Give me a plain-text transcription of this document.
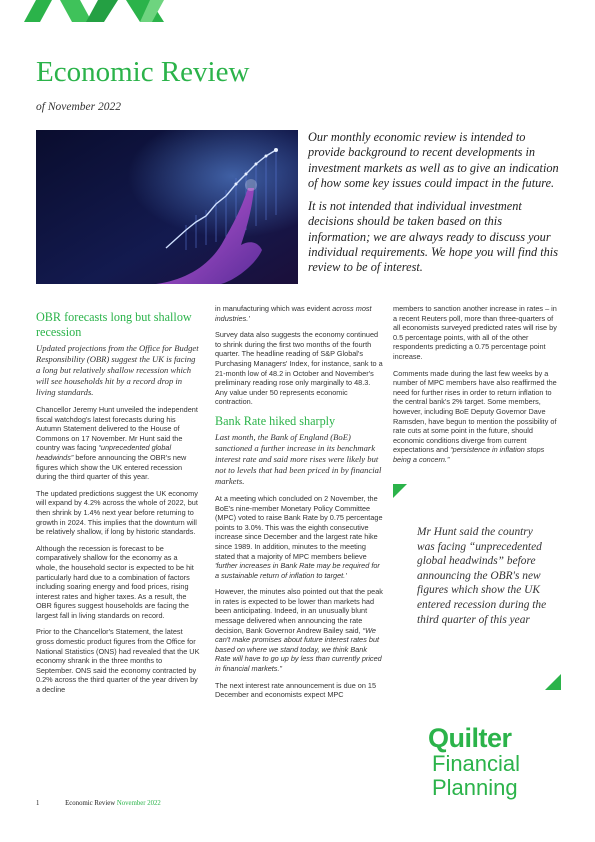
Economic Review
of November 2022

Our monthly economic review is intended to provide background to recent developments in investment markets as well as to give an indication of how some key issues could impact in the future.

It is not intended that individual investment decisions should be taken based on this information; we are always ready to discuss your individual requirements. We hope you will find this review to be of interest.

OBR forecasts long but shallow recession

Updated projections from the Office for Budget Responsibility (OBR) suggest the UK is facing a long but relatively shallow recession which will see households hit by a record drop in living standards.

Chancellor Jeremy Hunt unveiled the independent fiscal watchdog's latest forecasts during his Autumn Statement delivered to the House of Commons on 17 November. Mr Hunt said the country was facing “unprecedented global headwinds” before announcing the OBR's new figures which show the UK entered recession during the third quarter of this year.

The updated predictions suggest the UK economy will expand by 4.2% across the whole of 2022, but then shrink by 1.4% next year before returning to growth in 2024. This implies that the downturn will be relatively shallow, if long by historic standards.

Although the recession is forecast to be comparatively shallow for the economy as a whole, the household sector is expected to be hit particularly hard due to a combination of factors including soaring energy and food prices, rising interest rates and higher taxes. As a result, the OBR figures suggest households are facing the largest fall in living standards on record.

Prior to the Chancellor's Statement, the latest gross domestic product figures from the Office for National Statistics (ONS) had revealed that the UK economy shrank in the three months to September. ONS said the economy contracted by 0.2% across the third quarter of the year driven by a decline

in manufacturing which was evident across most industries.'

Survey data also suggests the economy continued to shrink during the first two months of the fourth quarter. The headline reading of S&P Global's Purchasing Managers' Index, for instance, sank to a 21-month low of 48.2 in October and November's preliminary reading rose only marginally to 48.3. Any value under 50 represents economic contraction.

Bank Rate hiked sharply

Last month, the Bank of England (BoE) sanctioned a further increase in its benchmark interest rate and said more rises were likely but not to levels that had been priced in by financial markets.

At a meeting which concluded on 2 November, the BoE's nine-member Monetary Policy Committee (MPC) voted to raise Bank Rate by 0.75 percentage points to 3.0%. This was the eighth consecutive increase since December and the largest rate hike since 1989. In addition, minutes to the meeting stated that a majority of MPC members believe 'further increases in Bank Rate may be required for a sustainable return of inflation to target.'

However, the minutes also pointed out that the peak in rates is expected to be lower than markets had been anticipating. Indeed, in an unusually blunt message delivered when announcing the rate decision, Bank Governor Andrew Bailey said, “We can't make promises about future interest rates but based on where we stand today, we think Bank Rate will have to go up by less than currently priced in financial markets.”

The next interest rate announcement is due on 15 December and economists expect MPC

members to sanction another increase in rates – in a recent Reuters poll, more than three-quarters of all economists surveyed predicted rates will rise by 0.5 percentage points, with all of the other respondents predicting a 0.75 percentage point increase.

Comments made during the last few weeks by a number of MPC members have also reaffirmed the need for further rises in order to return inflation to the central bank's 2% target. Some members, however, including BoE Deputy Governor Dave Ramsden, have begun to mention the possibility of rate cuts at some point in the future, should economic conditions diverge from current expectations and “persistence in inflation stops being a concern.”

Mr Hunt said the country was facing “unprecedented global headwinds” before announcing the OBR's new figures which show the UK entered recession during the third quarter of this year
Quilter
Financial
Planning
1	Economic Review November 2022
